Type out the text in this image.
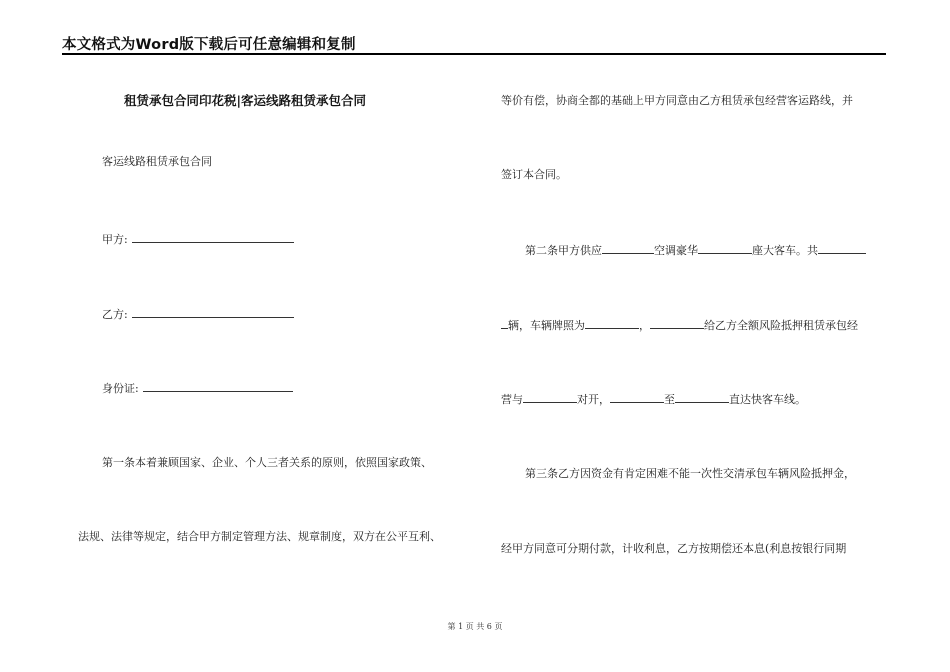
本文格式为Word版下载后可任意编辑和复制
租赁承包合同印花税|客运线路租赁承包合同
客运线路租赁承包合同
甲方:
乙方:
身份证:
第一条本着兼顾国家、企业、个人三者关系的原则，依照国家政策、
法规、法律等规定，结合甲方制定管理方法、规章制度，双方在公平互利、
等价有偿，协商全都的基础上甲方同意由乙方租赁承包经营客运路线，并
签订本合同。
第二条甲方供应	空调豪华	座大客车。共
辆，车辆牌照为	，	给乙方全额风险抵押租赁承包经
营与	对开，	至	直达快客车线。
第三条乙方因资金有肯定困难不能一次性交清承包车辆风险抵押金，
经甲方同意可分期付款，计收利息，乙方按期偿还本息(利息按银行同期
第 1 页 共 6 页
